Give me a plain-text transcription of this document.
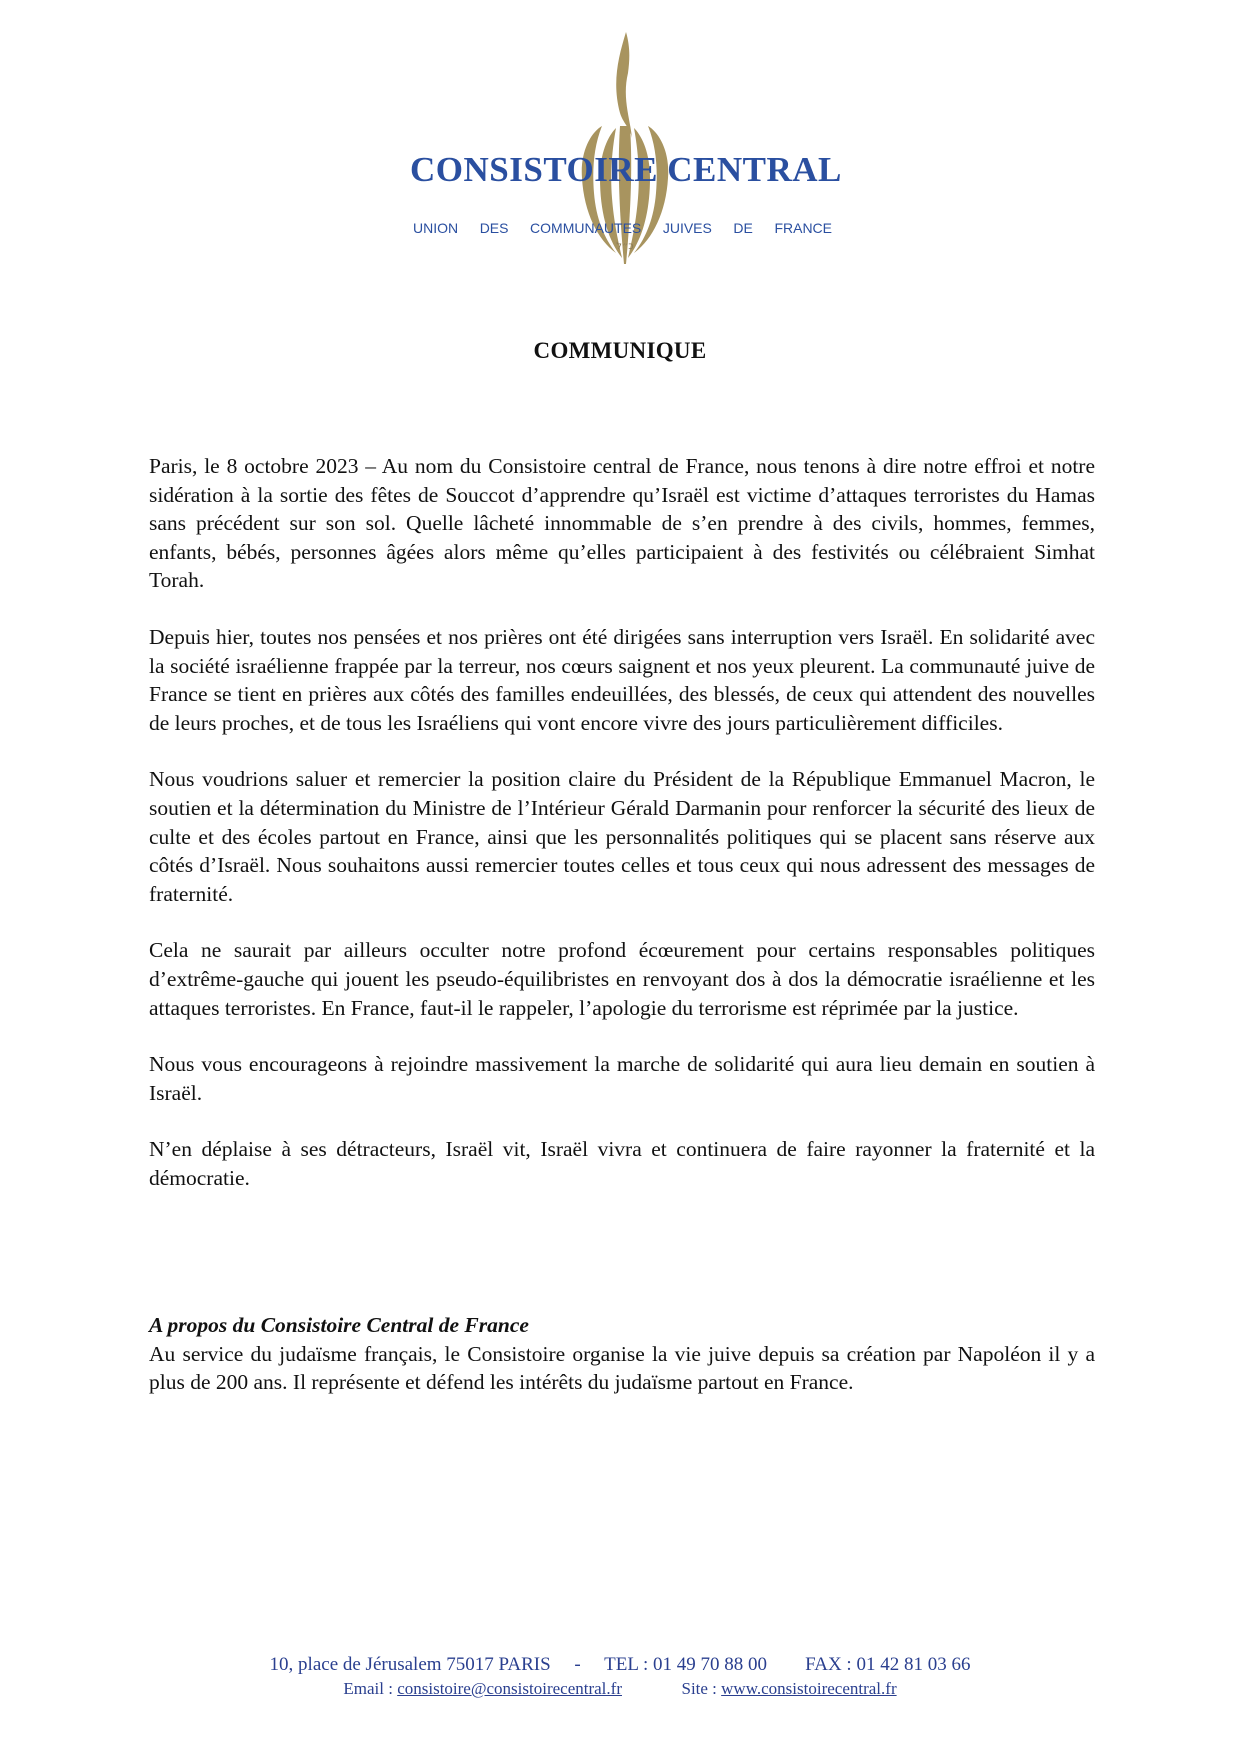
CONSISTOIRE CENTRAL
UNION DES COMMUNAUTES JUIVES DE FRANCE
כ״ל
COMMUNIQUE

Paris, le 8 octobre 2023 – Au nom du Consistoire central de France, nous tenons à dire notre effroi et notre sidération à la sortie des fêtes de Souccot d’apprendre qu’Israël est victime d’attaques terroristes du Hamas sans précédent sur son sol. Quelle lâcheté innommable de s’en prendre à des civils, hommes, femmes, enfants, bébés, personnes âgées alors même qu’elles participaient à des festivités ou célébraient Simhat Torah.

Depuis hier, toutes nos pensées et nos prières ont été dirigées sans interruption vers Israël. En solidarité avec la société israélienne frappée par la terreur, nos cœurs saignent et nos yeux pleurent. La communauté juive de France se tient en prières aux côtés des familles endeuillées, des blessés, de ceux qui attendent des nouvelles de leurs proches, et de tous les Israéliens qui vont encore vivre des jours particulièrement difficiles.

Nous voudrions saluer et remercier la position claire du Président de la République Emmanuel Macron, le soutien et la détermination du Ministre de l’Intérieur Gérald Darmanin pour renforcer la sécurité des lieux de culte et des écoles partout en France, ainsi que les personnalités politiques qui se placent sans réserve aux côtés d’Israël. Nous souhaitons aussi remercier toutes celles et tous ceux qui nous adressent des messages de fraternité.

Cela ne saurait par ailleurs occulter notre profond écœurement pour certains responsables politiques d’extrême-gauche qui jouent les pseudo-équilibristes en renvoyant dos à dos la démocratie israélienne et les attaques terroristes. En France, faut-il le rappeler, l’apologie du terrorisme est réprimée par la justice.

Nous vous encourageons à rejoindre massivement la marche de solidarité qui aura lieu demain en soutien à Israël.

N’en déplaise à ses détracteurs, Israël vit, Israël vivra et continuera de faire rayonner la fraternité et la démocratie.

A propos du Consistoire Central de France
Au service du judaïsme français, le Consistoire organise la vie juive depuis sa création par Napoléon il y a plus de 200 ans. Il représente et défend les intérêts du judaïsme partout en France.
10, place de Jérusalem 75017 PARIS - TEL : 01 49 70 88 00 FAX : 01 42 81 03 66
Email : consistoire@consistoirecentral.fr	Site : www.consistoirecentral.fr
